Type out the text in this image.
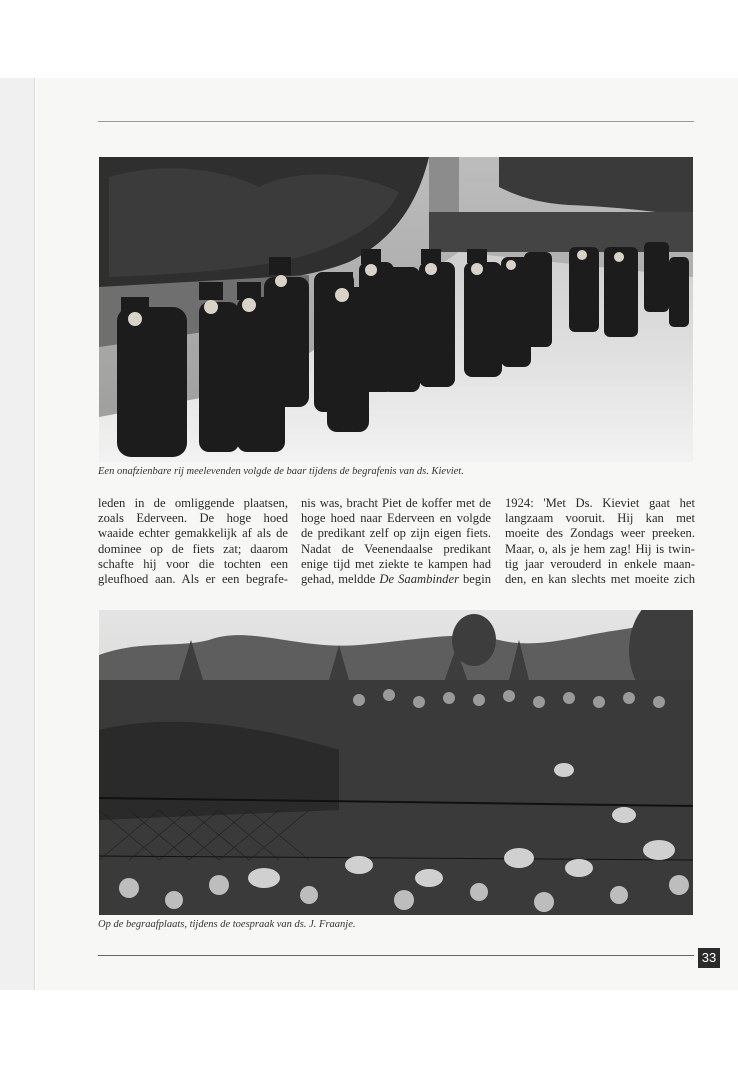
Een onafzienbare rij meelevenden volgde de baar tijdens de begrafenis van ds. Kieviet.
leden in de omliggende plaatsen,
zoals Ederveen. De hoge hoed
waaide echter gemakkelijk af als de
dominee op de fiets zat; daarom
schafte hij voor die tochten een
gleufhoed aan. Als er een begrafe-
nis was, bracht Piet de koffer met de
hoge hoed naar Ederveen en volgde
de predikant zelf op zijn eigen fiets.
Nadat de Veenendaalse predikant
enige tijd met ziekte te kampen had
gehad, meldde De Saambinder begin
1924: 'Met Ds. Kieviet gaat het
langzaam vooruit. Hij kan met
moeite des Zondags weer preeken.
Maar, o, als je hem zag! Hij is twin-
tig jaar verouderd in enkele maan-
den, en kan slechts met moeite zich
Op de begraafplaats, tijdens de toespraak van ds. J. Fraanje.
33
